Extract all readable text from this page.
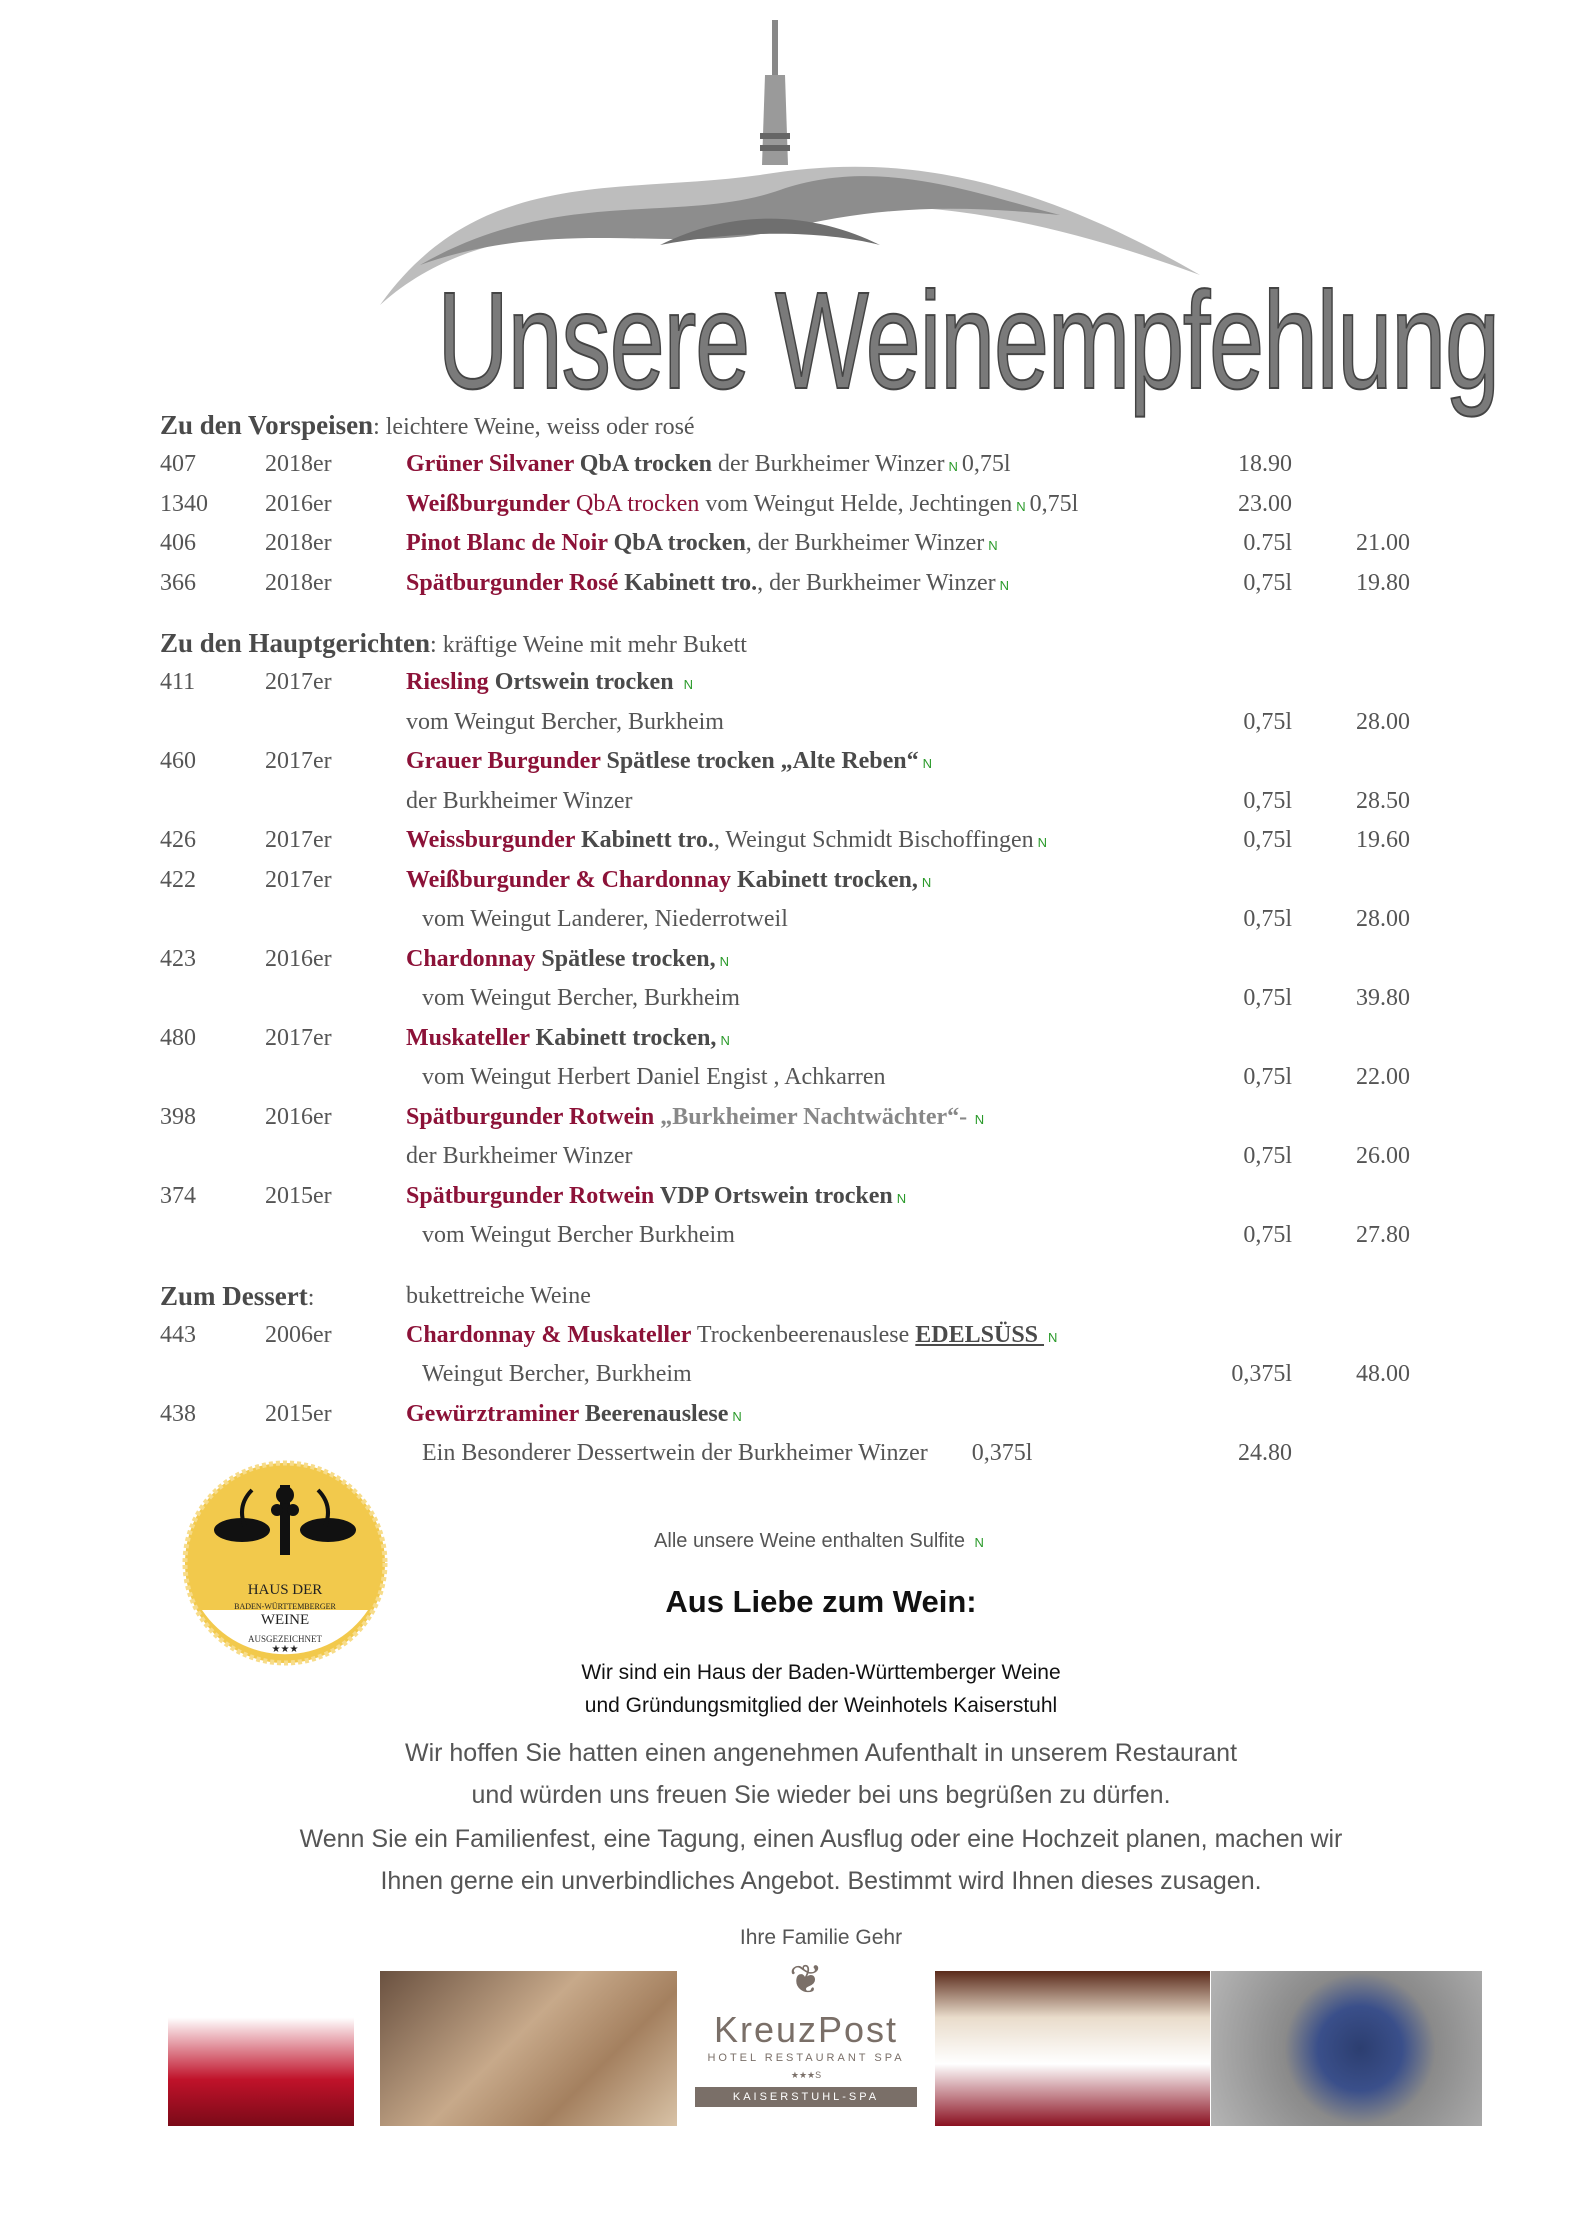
Unsere Weinempfehlung
Zu den Vorspeisen: leichtere Weine, weiss oder rosé
407	2018er	Grüner Silvaner QbA trocken der Burkheimer Winzer N 0,75l	18.90
1340 2016er	Weißburgunder QbA trocken vom Weingut Helde, Jechtingen N 0,75l	23.00
406	2018er	Pinot Blanc de Noir QbA trocken, der Burkheimer Winzer N	0.75l	21.00
366	2018er	Spätburgunder Rosé Kabinett tro., der Burkheimer Winzer N	0,75l	19.80
Zu den Hauptgerichten: kräftige Weine mit mehr Bukett
411	2017er	Riesling Ortswein trocken N
vom Weingut Bercher, Burkheim	0,75l	28.00
460	2017er	Grauer Burgunder Spätlese trocken „Alte Reben“ N
der Burkheimer Winzer	0,75l	28.50
426	2017er	Weissburgunder Kabinett tro., Weingut Schmidt Bischoffingen N	0,75l	19.60
422	2017er	Weißburgunder & Chardonnay Kabinett trocken, N
vom Weingut Landerer, Niederrotweil	0,75l	28.00
423	2016er	Chardonnay Spätlese trocken, N
vom Weingut Bercher, Burkheim	0,75l	39.80
480	2017er	Muskateller Kabinett trocken, N
vom Weingut Herbert Daniel Engist , Achkarren	0,75l	22.00
398	2016er	Spätburgunder Rotwein „Burkheimer Nachtwächter“- N
der Burkheimer Winzer	0,75l	26.00
374	2015er	Spätburgunder Rotwein VDP Ortswein trocken N
vom Weingut Bercher Burkheim	0,75l	27.80
Zum Dessert:	bukettreiche Weine
443	2006er	Chardonnay & Muskateller Trockenbeerenauslese EDELSÜSS N
Weingut Bercher, Burkheim	0,375l	48.00
438	2015er	Gewürztraminer Beerenauslese N
Ein Besonderer Dessertwein der Burkheimer Winzer 0,375l	24.80
HAUS DER
BADEN-WÜRTTEMBERGER
WEINE
AUSGEZEICHNET
★★★
Alle unsere Weine enthalten Sulfite N
Aus Liebe zum Wein:
Wir sind ein Haus der Baden-Württemberger Weine
und Gründungsmitglied der Weinhotels Kaiserstuhl
Wir hoffen Sie hatten einen angenehmen Aufenthalt in unserem Restaurant
und würden uns freuen Sie wieder bei uns begrüßen zu dürfen.
Wenn Sie ein Familienfest, eine Tagung, einen Ausflug oder eine Hochzeit planen, machen wir
Ihnen gerne ein unverbindliches Angebot. Bestimmt wird Ihnen dieses zusagen.
Ihre Familie Gehr
❦
KreuzPost
HOTEL RESTAURANT SPA
★★★S
KAISERSTUHL-SPA
